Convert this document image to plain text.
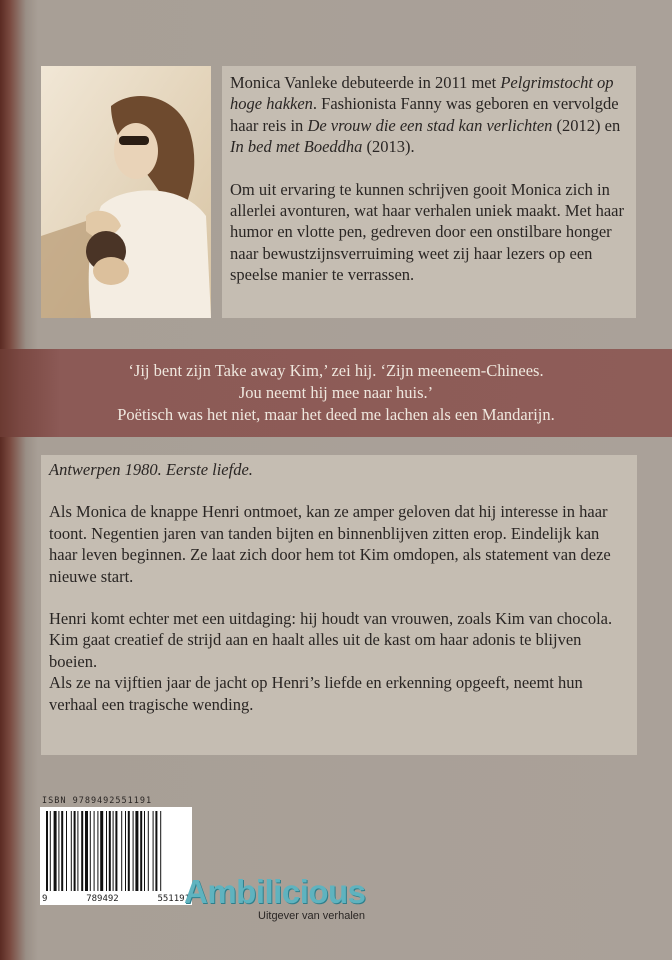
Monica Vanleke debuteerde in 2011 met Pelgrimstocht op hoge hakken. Fashionista Fanny was geboren en vervolgde haar reis in De vrouw die een stad kan verlichten (2012) en In bed met Boeddha (2013).

Om uit ervaring te kunnen schrijven gooit Monica zich in allerlei avonturen, wat haar verhalen uniek maakt. Met haar humor en vlotte pen, gedreven door een onstilbare honger naar bewustzijnsverruiming weet zij haar lezers op een speelse manier te verrassen.

‘Jij bent zijn Take away Kim,’ zei hij. ‘Zijn meeneem-Chinees.
Jou neemt hij mee naar huis.’
Poëtisch was het niet, maar het deed me lachen als een Mandarijn.

Antwerpen 1980. Eerste liefde.

Als Monica de knappe Henri ontmoet, kan ze amper geloven dat hij interesse in haar toont. Negentien jaren van tanden bijten en binnenblijven zitten erop. Eindelijk kan haar leven beginnen. Ze laat zich door hem tot Kim omdopen, als statement van deze nieuwe start.

Henri komt echter met een uitdaging: hij houdt van vrouwen, zoals Kim van chocola. Kim gaat creatief de strijd aan en haalt alles uit de kast om haar adonis te blijven boeien.

Als ze na vijftien jaar de jacht op Henri’s liefde en erkenning opgeeft, neemt hun verhaal een tragische wending.

ISBN 9789492551191
9	789492	551191
Ambilicious
Uitgever van verhalen
